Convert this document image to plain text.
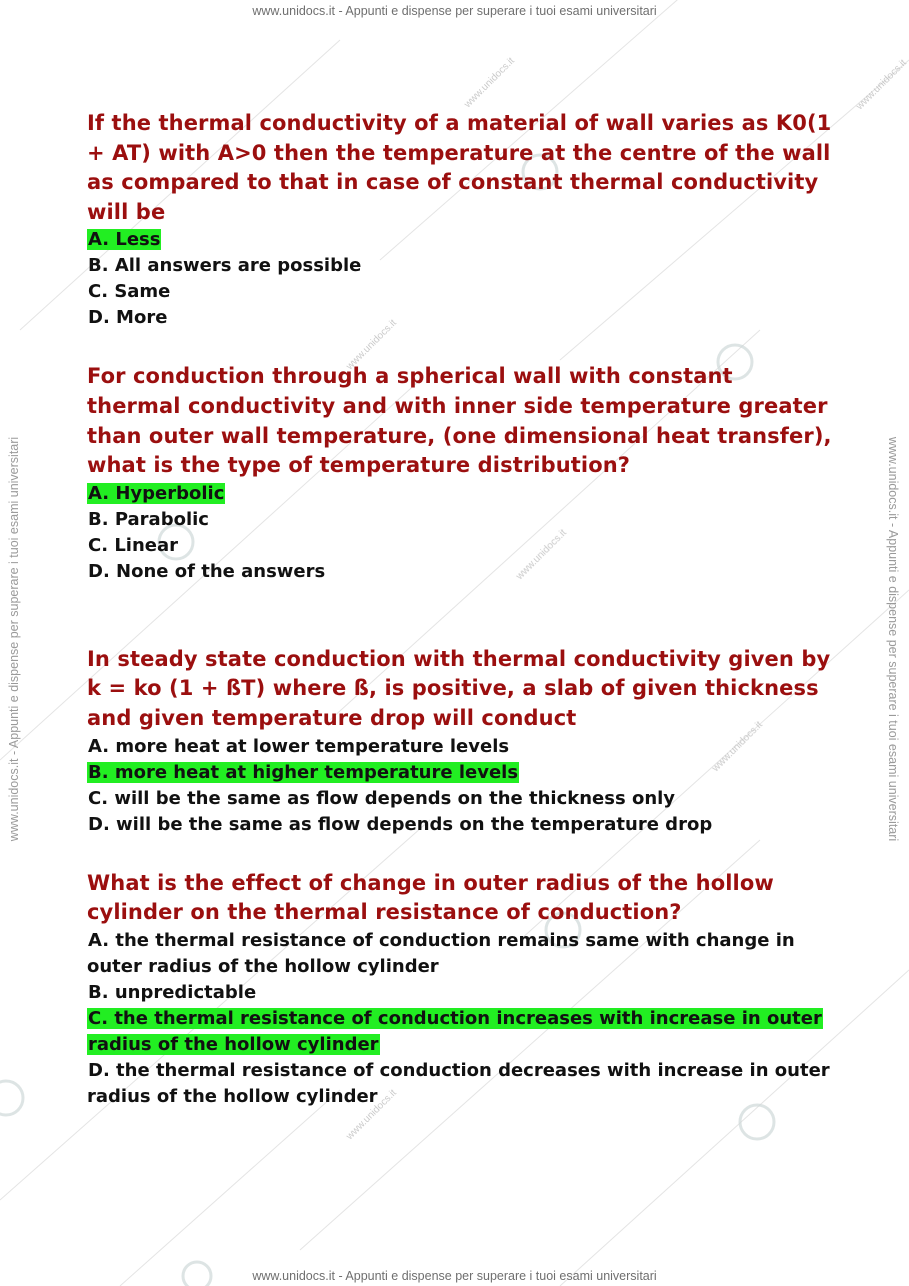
www.unidocs.it
www.unidocs.it
www.unidocs.it
www.unidocs.it
www.unidocs.it
www.unidocs.it
www.unidocs.it - Appunti e dispense per superare i tuoi esami universitari
www.unidocs.it - Appunti e dispense per superare i tuoi esami universitari
www.unidocs.it - Appunti e dispense per superare i tuoi esami universitari	www.unidocs.it - Appunti e dispense per superare i tuoi esami universitari

If the thermal conductivity of a material of wall varies as K0(1 + AT) with A>0 then the temperature at the centre of the wall as compared to that in case of constant thermal conductivity will be

A. Less
B. All answers are possible
C. Same
D. More

For conduction through a spherical wall with constant thermal conductivity and with inner side temperature greater than outer wall temperature, (one dimensional heat transfer), what is the type of temperature distribution?

A. Hyperbolic
B. Parabolic
C. Linear
D. None of the answers

In steady state conduction with thermal conductivity given by k = ko (1 + ßT) where ß, is positive, a slab of given thickness and given temperature drop will conduct

A. more heat at lower temperature levels
B. more heat at higher temperature levels
C. will be the same as flow depends on the thickness only
D. will be the same as flow depends on the temperature drop

What is the effect of change in outer radius of the hollow cylinder on the thermal resistance of conduction?

A. the thermal resistance of conduction remains same with change in outer radius of the hollow cylinder
B. unpredictable
C. the thermal resistance of conduction increases with increase in outer radius of the hollow cylinder
D. the thermal resistance of conduction decreases with increase in outer radius of the hollow cylinder
